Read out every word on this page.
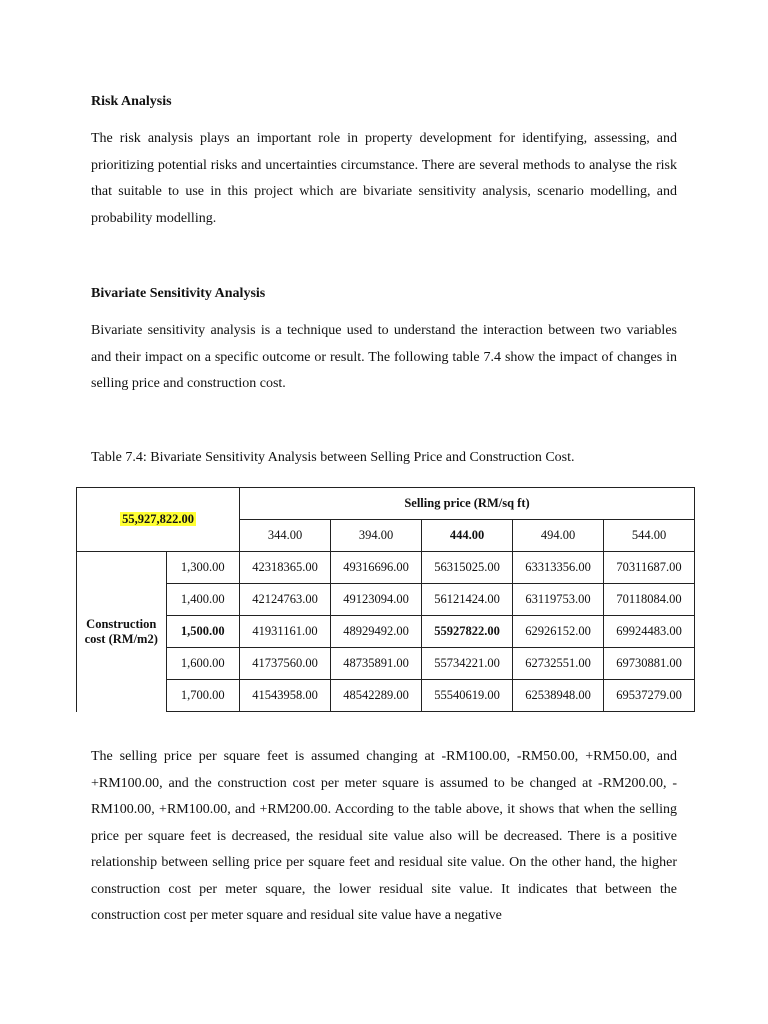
Risk Analysis

The risk analysis plays an important role in property development for identifying, assessing, and prioritizing potential risks and uncertainties circumstance. There are several methods to analyse the risk that suitable to use in this project which are bivariate sensitivity analysis, scenario modelling, and probability modelling.

Bivariate Sensitivity Analysis

Bivariate sensitivity analysis is a technique used to understand the interaction between two variables and their impact on a specific outcome or result. The following table 7.4 show the impact of changes in selling price and construction cost.

Table 7.4: Bivariate Sensitivity Analysis between Selling Price and Construction Cost.

The selling price per square feet is assumed changing at -RM100.00, -RM50.00, +RM50.00, and +RM100.00, and the construction cost per meter square is assumed to be changed at -RM200.00, -RM100.00, +RM100.00, and +RM200.00. According to the table above, it shows that when the selling price per square feet is decreased, the residual site value also will be decreased. There is a positive relationship between selling price per square feet and residual site value. On the other hand, the higher construction cost per meter square, the lower residual site value. It indicates that between the construction cost per meter square and residual site value have a negative

55,927,822.00		Selling price (RM/sq ft)				
		344.00	394.00	444.00	494.00	544.00
Construction cost (RM/m2)	1,300.00	42318365.00	49316696.00	56315025.00	63313356.00	70311687.00
	1,400.00	42124763.00	49123094.00	56121424.00	63119753.00	70118084.00
	1,500.00	41931161.00	48929492.00	55927822.00	62926152.00	69924483.00
	1,600.00	41737560.00	48735891.00	55734221.00	62732551.00	69730881.00
	1,700.00	41543958.00	48542289.00	55540619.00	62538948.00	69537279.00
